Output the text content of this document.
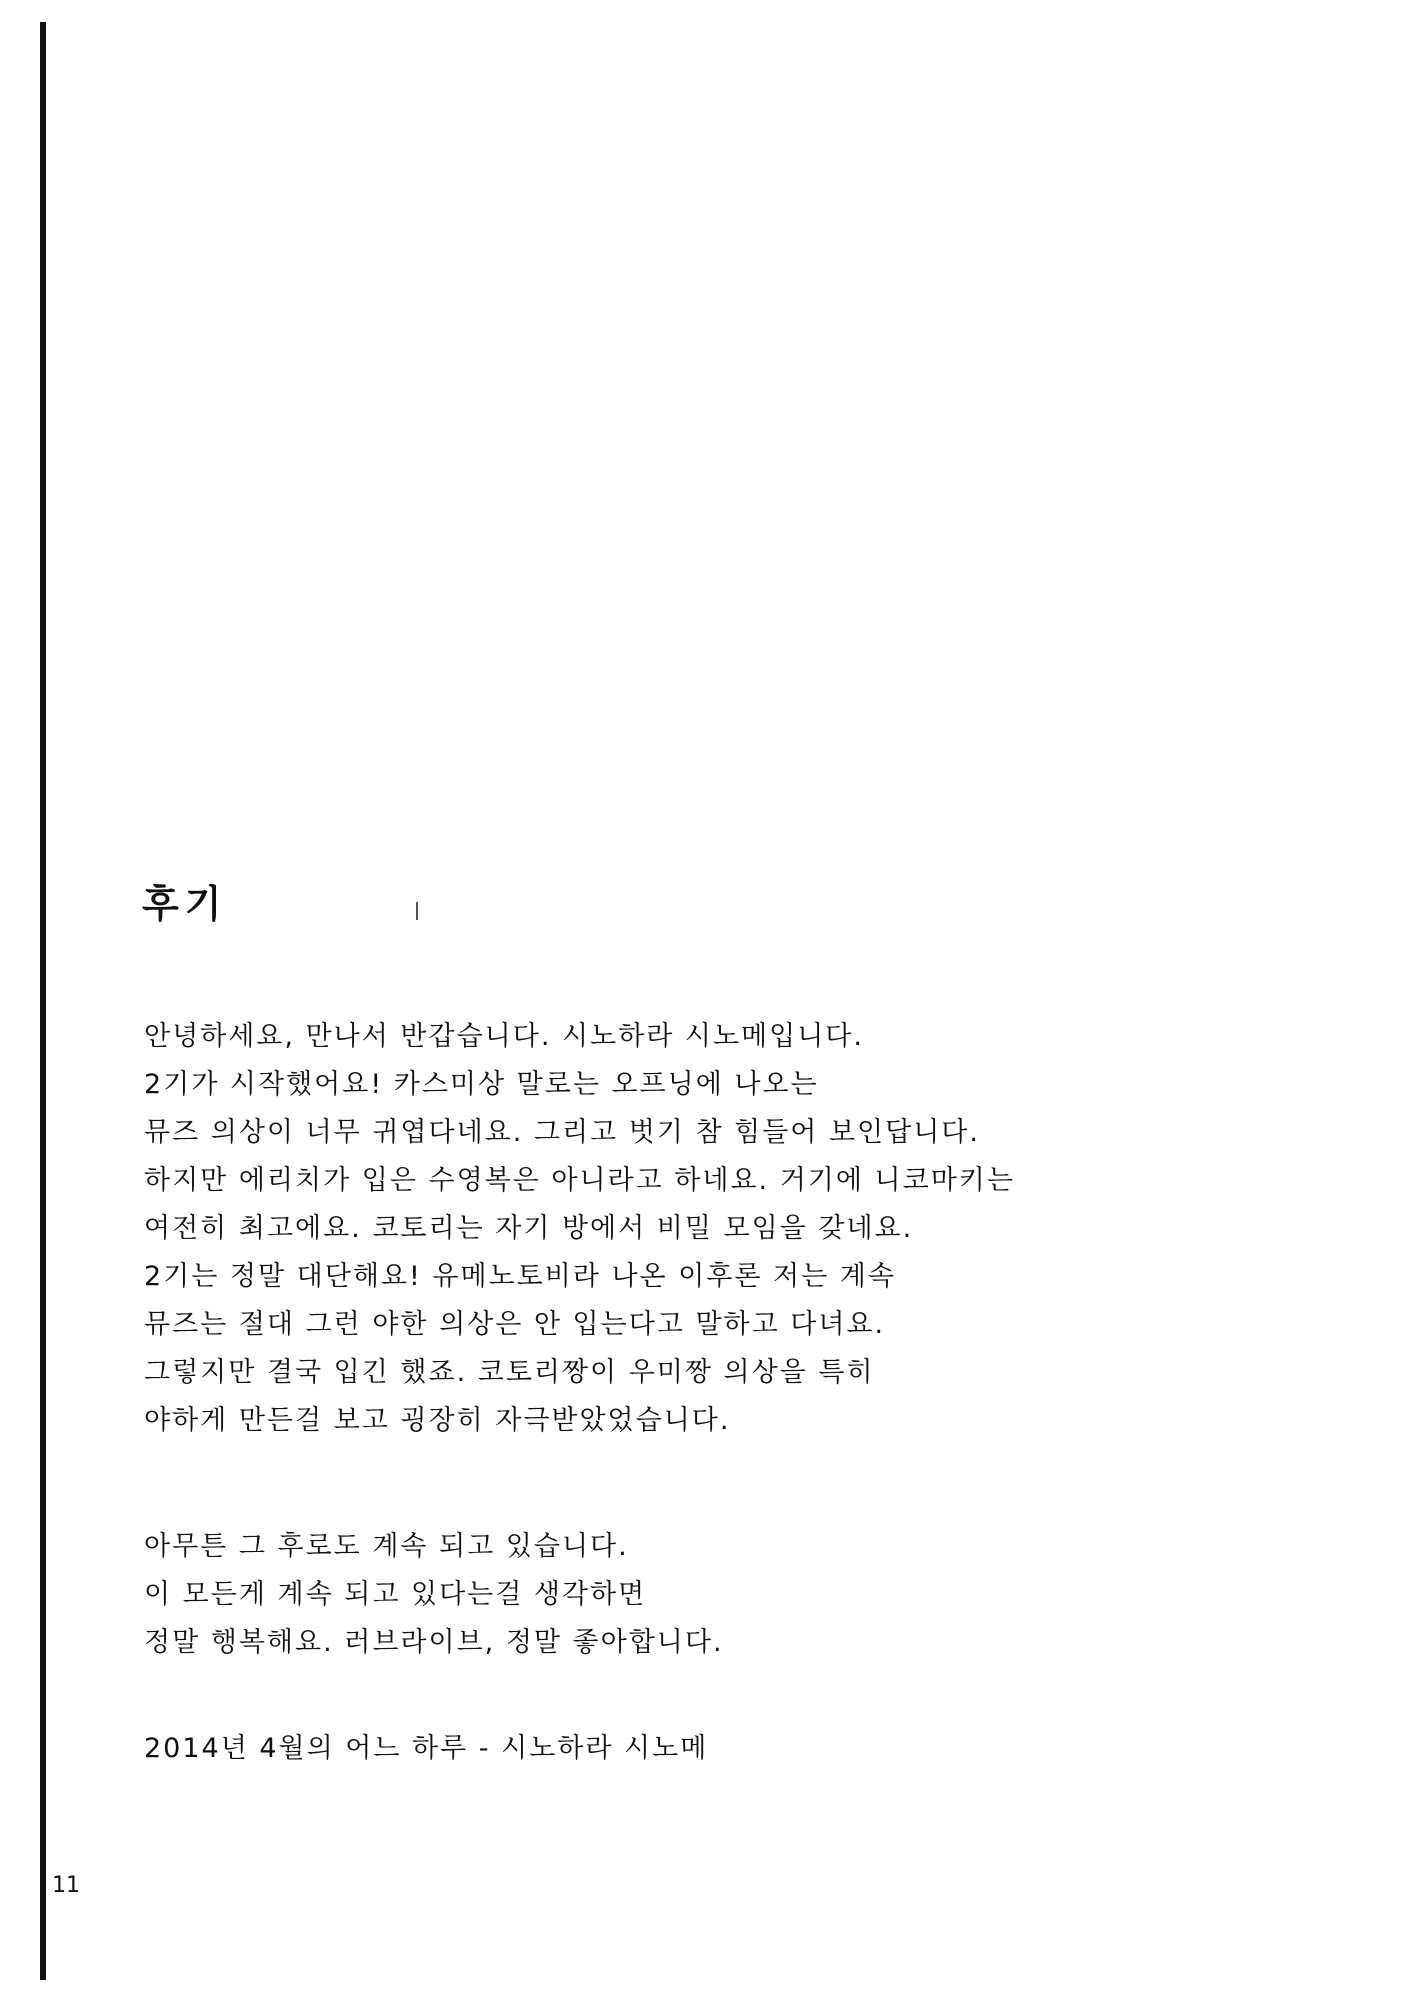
후기
안녕하세요, 만나서 반갑습니다. 시노하라 시노메입니다.
2기가 시작했어요! 카스미상 말로는 오프닝에 나오는
뮤즈 의상이 너무 귀엽다네요. 그리고 벗기 참 힘들어 보인답니다.
하지만 에리치가 입은 수영복은 아니라고 하네요. 거기에 니코마키는
여전히 최고에요. 코토리는 자기 방에서 비밀 모임을 갖네요.
2기는 정말 대단해요! 유메노토비라 나온 이후론 저는 계속
뮤즈는 절대 그런 야한 의상은 안 입는다고 말하고 다녀요.
그렇지만 결국 입긴 했죠. 코토리짱이 우미짱 의상을 특히
야하게 만든걸 보고 굉장히 자극받았었습니다.
아무튼 그 후로도 계속 되고 있습니다.
이 모든게 계속 되고 있다는걸 생각하면
정말 행복해요. 러브라이브, 정말 좋아합니다.
2014년 4월의 어느 하루 - 시노하라 시노메
11
